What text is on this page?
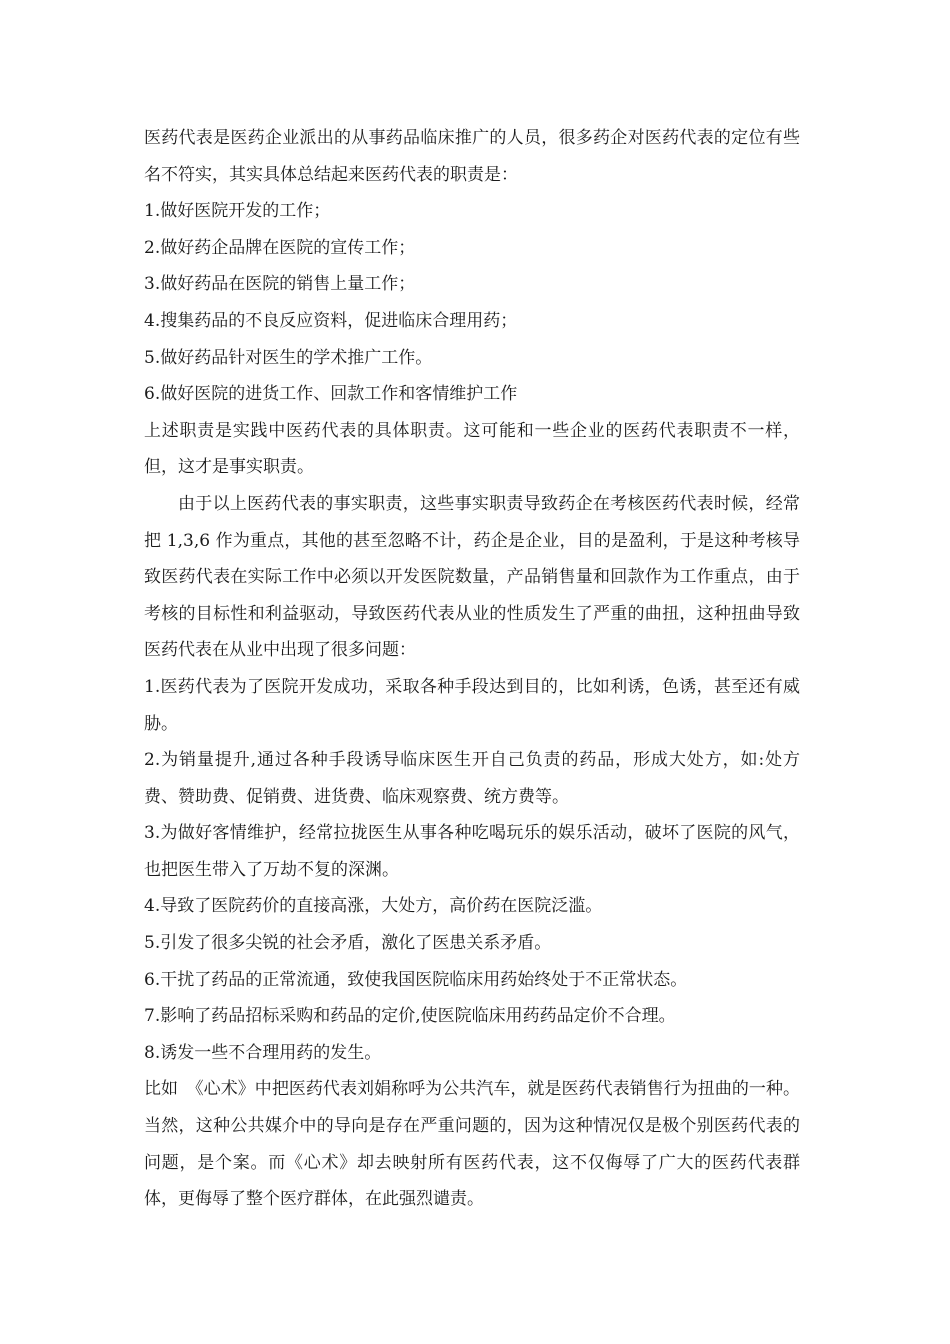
医药代表是医药企业派出的从事药品临床推广的人员，很多药企对医药代表的定位有些名不符实，其实具体总结起来医药代表的职责是：

1.做好医院开发的工作；
2.做好药企品牌在医院的宣传工作；
3.做好药品在医院的销售上量工作；
4.搜集药品的不良反应资料，促进临床合理用药；
5.做好药品针对医生的学术推广工作。
6.做好医院的进货工作、回款工作和客情维护工作

上述职责是实践中医药代表的具体职责。这可能和一些企业的医药代表职责不一样，但，这才是事实职责。

由于以上医药代表的事实职责，这些事实职责导致药企在考核医药代表时候，经常把 1,3,6 作为重点，其他的甚至忽略不计，药企是企业，目的是盈利，于是这种考核导致医药代表在实际工作中必须以开发医院数量，产品销售量和回款作为工作重点，由于考核的目标性和利益驱动，导致医药代表从业的性质发生了严重的曲扭，这种扭曲导致医药代表在从业中出现了很多问题：

1.医药代表为了医院开发成功，采取各种手段达到目的，比如利诱，色诱，甚至还有威胁。
2.为销量提升,通过各种手段诱导临床医生开自己负责的药品，形成大处方，如:处方费、赞助费、促销费、进货费、临床观察费、统方费等。
3.为做好客情维护，经常拉拢医生从事各种吃喝玩乐的娱乐活动，破坏了医院的风气，也把医生带入了万劫不复的深渊。
4.导致了医院药价的直接高涨，大处方，高价药在医院泛滥。
5.引发了很多尖锐的社会矛盾，激化了医患关系矛盾。
6.干扰了药品的正常流通，致使我国医院临床用药始终处于不正常状态。
7.影响了药品招标采购和药品的定价,使医院临床用药药品定价不合理。
8.诱发一些不合理用药的发生。

比如　《心术》中把医药代表刘娟称呼为公共汽车，就是医药代表销售行为扭曲的一种。当然，这种公共媒介中的导向是存在严重问题的，因为这种情况仅是极个别医药代表的问题，是个案。而《心术》却去映射所有医药代表，这不仅侮辱了广大的医药代表群体，更侮辱了整个医疗群体，在此强烈谴责。
